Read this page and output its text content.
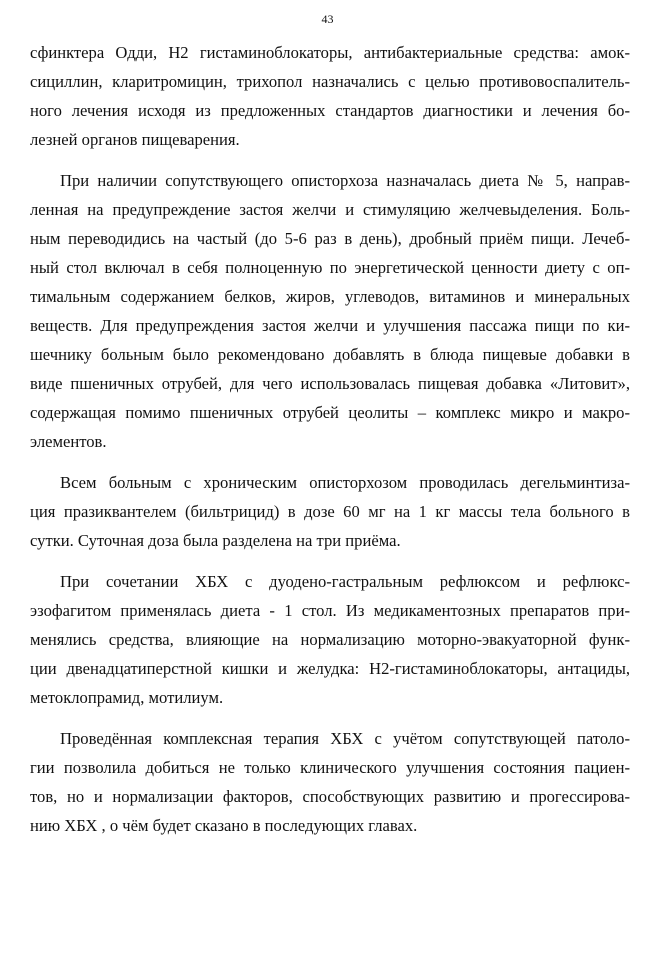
43
сфинктера Одди, Н2 гистаминоблокаторы, антибактериальные средства: амок-
сициллин, кларитромицин, трихопол назначались с целью противовоспалитель-
ного лечения исходя из предложенных стандартов диагностики и лечения бо-
лезней органов пищеварения.
При наличии сопутствующего описторхоза назначалась диета № 5, направ-
ленная на предупреждение застоя желчи и стимуляцию желчевыделения. Боль-
ным переводидись на частый (до 5-6 раз в день), дробный приём пищи. Лечеб-
ный стол включал в себя полноценную по энергетической ценности диету с оп-
тимальным содержанием белков, жиров, углеводов, витаминов и минеральных
веществ. Для предупреждения застоя желчи и улучшения пассажа пищи по ки-
шечнику больным было рекомендовано добавлять в блюда пищевые добавки в
виде пшеничных отрубей, для чего использовалась пищевая добавка «Литовит»,
содержащая помимо пшеничных отрубей цеолиты – комплекс микро и макро-
элементов.
Всем больным с хроническим описторхозом проводилась дегельминтиза-
ция празиквантелем (бильтрицид) в дозе 60 мг на 1 кг массы тела больного в
сутки. Суточная доза была разделена на три приёма.
При сочетании ХБХ с дуодено-гастральным рефлюксом и рефлюкс-
эзофагитом применялась диета - 1 стол. Из медикаментозных препаратов при-
менялись средства, влияющие на нормализацию моторно-эвакуаторной функ-
ции двенадцатиперстной кишки и желудка: Н2-гистаминоблокаторы, антациды,
метоклопрамид, мотилиум.
Проведённая комплексная терапия ХБХ с учётом сопутствующей патоло-
гии позволила добиться не только клинического улучшения состояния пациен-
тов, но и нормализации факторов, способствующих развитию и прогессирова-
нию ХБХ , о чём будет сказано в последующих главах.
